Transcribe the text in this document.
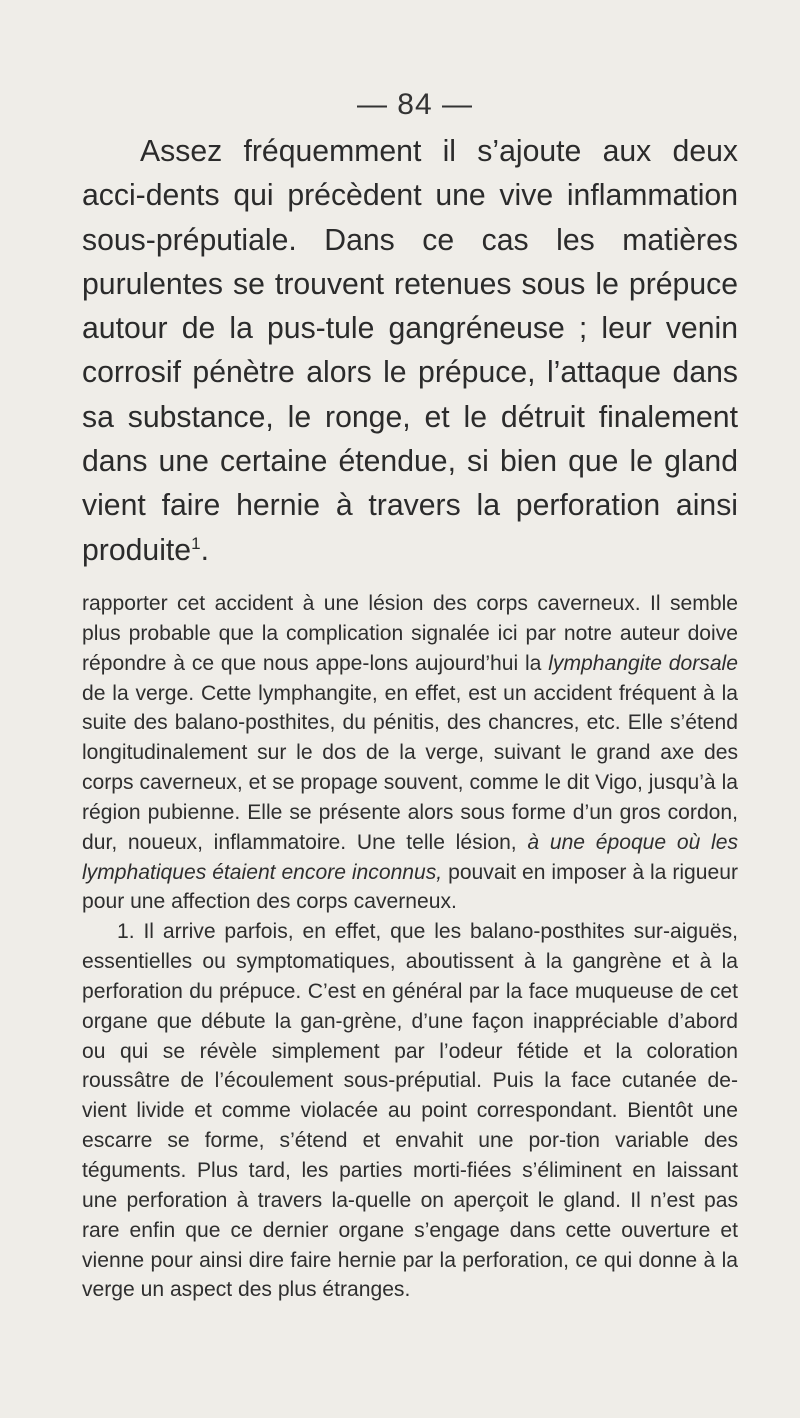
— 84 —

Assez fréquemment il s’ajoute aux deux acci-dents qui précèdent une vive inflammation sous-préputiale. Dans ce cas les matières purulentes se trouvent retenues sous le prépuce autour de la pus-tule gangréneuse ; leur venin corrosif pénètre alors le prépuce, l’attaque dans sa substance, le ronge, et le détruit finalement dans une certaine étendue, si bien que le gland vient faire hernie à travers la perforation ainsi produite$^1$.

rapporter cet accident à une lésion des corps caverneux. Il semble plus probable que la complication signalée ici par notre auteur doive répondre à ce que nous appe-lons aujourd’hui la lymphangite dorsale de la verge. Cette lymphangite, en effet, est un accident fréquent à la suite des balano-posthites, du pénitis, des chancres, etc. Elle s’étend longitudinalement sur le dos de la verge, suivant le grand axe des corps caverneux, et se propage souvent, comme le dit Vigo, jusqu’à la région pubienne. Elle se présente alors sous forme d’un gros cordon, dur, noueux, inflammatoire. Une telle lésion, à une époque où les lymphatiques étaient encore inconnus, pouvait en imposer à la rigueur pour une affection des corps caverneux.

1. Il arrive parfois, en effet, que les balano-posthites sur-aiguës, essentielles ou symptomatiques, aboutissent à la gangrène et à la perforation du prépuce. C’est en général par la face muqueuse de cet organe que débute la gan-grène, d’une façon inappréciable d’abord ou qui se révèle simplement par l’odeur fétide et la coloration roussâtre de l’écoulement sous-préputial. Puis la face cutanée de-vient livide et comme violacée au point correspondant. Bientôt une escarre se forme, s’étend et envahit une por-tion variable des téguments. Plus tard, les parties morti-fiées s’éliminent en laissant une perforation à travers la-quelle on aperçoit le gland. Il n’est pas rare enfin que ce dernier organe s’engage dans cette ouverture et vienne pour ainsi dire faire hernie par la perforation, ce qui donne à la verge un aspect des plus étranges.
